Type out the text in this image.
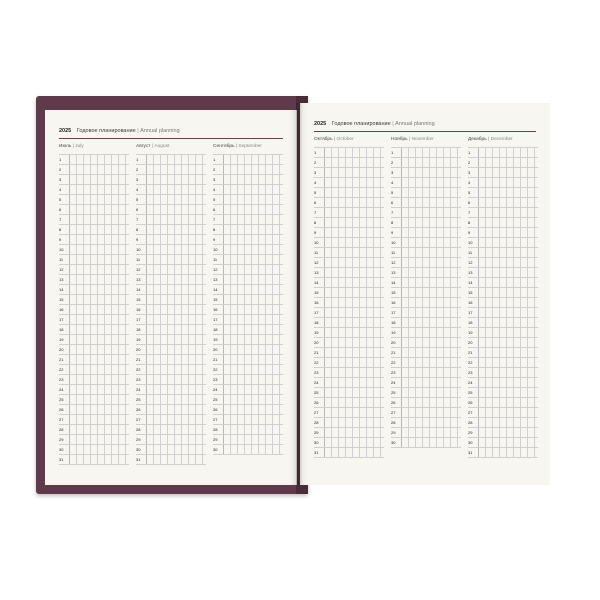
2025 Годовое планирование | Annual planning
Июль | July
1
2
3
4
5
6
7
8
9
10
11
12
13
14
15
16
17
18
19
20
21
22
23
24
25
26
27
28
29
30
31
Август | August
1
2
3
4
5
6
7
8
9
10
11
12
13
14
15
16
17
18
19
20
21
22
23
24
25
26
27
28
29
30
31
Сентябрь | September
1
2
3
4
5
6
7
8
9
10
11
12
13
14
15
16
17
18
19
20
21
22
23
24
25
26
27
28
29
30
2025 Годовое планирование | Annual planning
Октябрь | October
1
2
3
4
5
6
7
8
9
10
11
12
13
14
15
16
17
18
19
20
21
22
23
24
25
26
27
28
29
30
31
Ноябрь | November
1
2
3
4
5
6
7
8
9
10
11
12
13
14
15
16
17
18
19
20
21
22
23
24
25
26
27
28
29
30
Декабрь | December
1
2
3
4
5
6
7
8
9
10
11
12
13
14
15
16
17
18
19
20
21
22
23
24
25
26
27
28
29
30
31
